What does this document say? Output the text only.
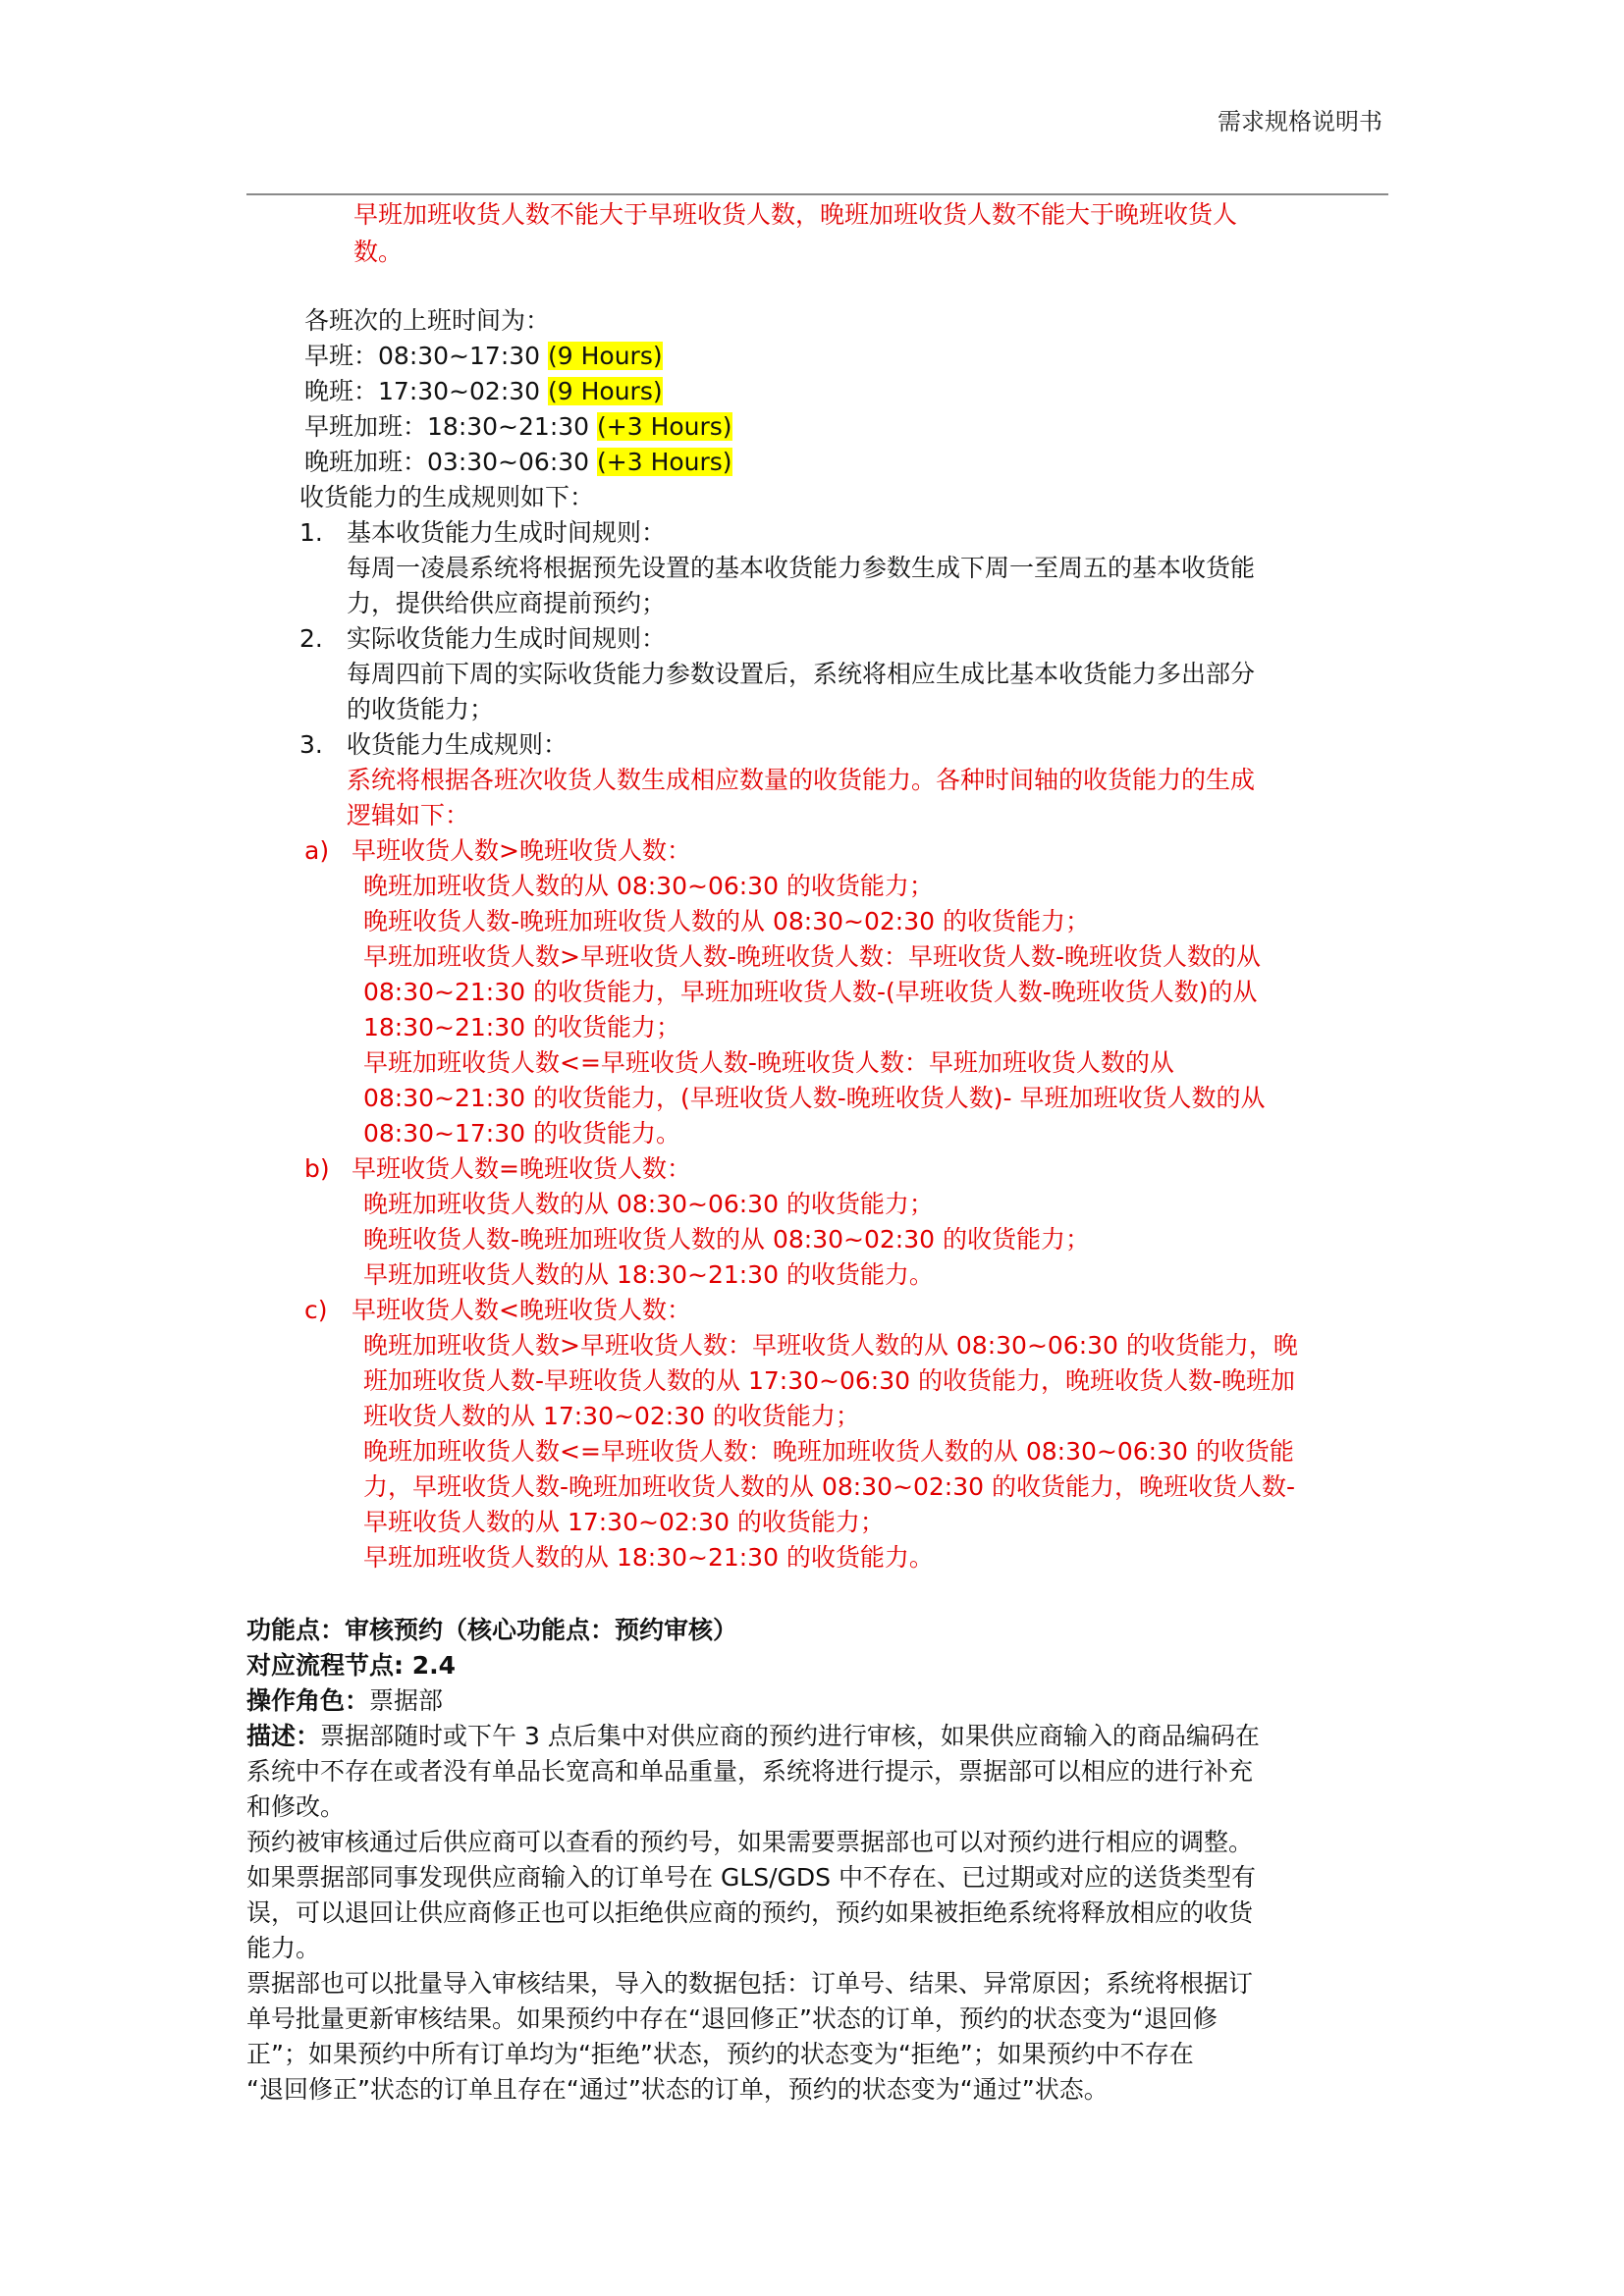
需求规格说明书
早班加班收货人数不能大于早班收货人数，晚班加班收货人数不能大于晚班收货人
数。
各班次的上班时间为：
早班：08:30~17:30 (9 Hours)
晚班：17:30~02:30 (9 Hours)
早班加班：18:30~21:30 (+3 Hours)
晚班加班：03:30~06:30 (+3 Hours)
收货能力的生成规则如下：
1. 基本收货能力生成时间规则：
每周一凌晨系统将根据预先设置的基本收货能力参数生成下周一至周五的基本收货能
力，提供给供应商提前预约；
2. 实际收货能力生成时间规则：
每周四前下周的实际收货能力参数设置后，系统将相应生成比基本收货能力多出部分
的收货能力；
3. 收货能力生成规则：
系统将根据各班次收货人数生成相应数量的收货能力。各种时间轴的收货能力的生成
逻辑如下：
a) 早班收货人数>晚班收货人数：
晚班加班收货人数的从 08:30~06:30 的收货能力；
晚班收货人数-晚班加班收货人数的从 08:30~02:30 的收货能力；
早班加班收货人数>早班收货人数-晚班收货人数：早班收货人数-晚班收货人数的从
08:30~21:30 的收货能力，早班加班收货人数-(早班收货人数-晚班收货人数)的从
18:30~21:30 的收货能力；
早班加班收货人数<=早班收货人数-晚班收货人数：早班加班收货人数的从
08:30~21:30 的收货能力，(早班收货人数-晚班收货人数)- 早班加班收货人数的从
08:30~17:30 的收货能力。
b) 早班收货人数=晚班收货人数：
晚班加班收货人数的从 08:30~06:30 的收货能力；
晚班收货人数-晚班加班收货人数的从 08:30~02:30 的收货能力；
早班加班收货人数的从 18:30~21:30 的收货能力。
c) 早班收货人数<晚班收货人数：
晚班加班收货人数>早班收货人数：早班收货人数的从 08:30~06:30 的收货能力，晚
班加班收货人数-早班收货人数的从 17:30~06:30 的收货能力，晚班收货人数-晚班加
班收货人数的从 17:30~02:30 的收货能力；
晚班加班收货人数<=早班收货人数：晚班加班收货人数的从 08:30~06:30 的收货能
力，早班收货人数-晚班加班收货人数的从 08:30~02:30 的收货能力，晚班收货人数-
早班收货人数的从 17:30~02:30 的收货能力；
早班加班收货人数的从 18:30~21:30 的收货能力。
功能点：审核预约（核心功能点：预约审核）
对应流程节点: 2.4
操作角色：票据部
描述：票据部随时或下午 3 点后集中对供应商的预约进行审核，如果供应商输入的商品编码在
系统中不存在或者没有单品长宽高和单品重量，系统将进行提示，票据部可以相应的进行补充
和修改。
预约被审核通过后供应商可以查看的预约号，如果需要票据部也可以对预约进行相应的调整。
如果票据部同事发现供应商输入的订单号在 GLS/GDS 中不存在、已过期或对应的送货类型有
误，可以退回让供应商修正也可以拒绝供应商的预约，预约如果被拒绝系统将释放相应的收货
能力。
票据部也可以批量导入审核结果，导入的数据包括：订单号、结果、异常原因；系统将根据订
单号批量更新审核结果。如果预约中存在“退回修正”状态的订单，预约的状态变为“退回修
正”；如果预约中所有订单均为“拒绝”状态，预约的状态变为“拒绝”；如果预约中不存在
“退回修正”状态的订单且存在“通过”状态的订单，预约的状态变为“通过”状态。
